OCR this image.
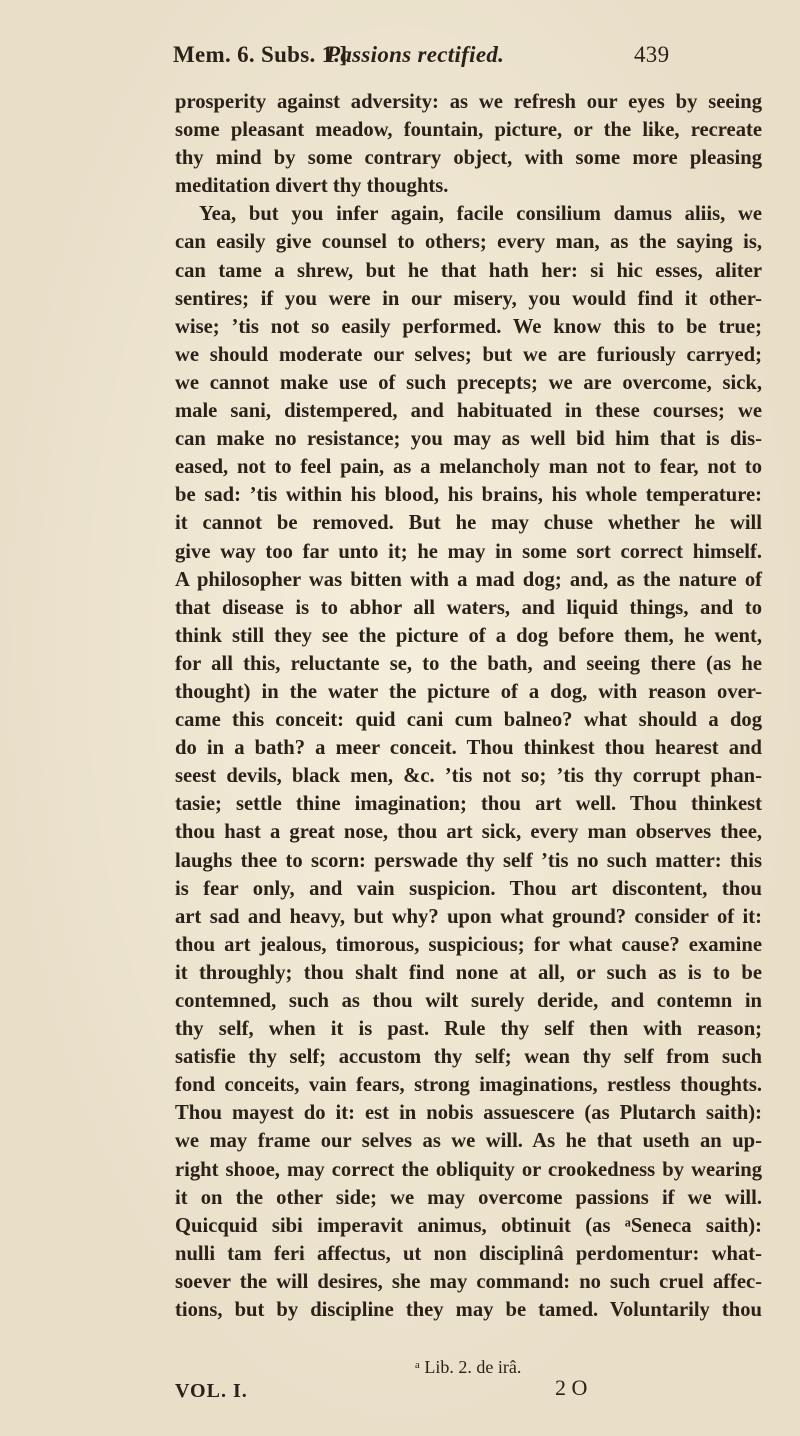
Mem. 6. Subs. 1.]
Passions rectified.	439
prosperity against adversity: as we refresh our eyes by seeing
some pleasant meadow, fountain, picture, or the like, recreate
thy mind by some contrary object, with some more pleasing
meditation divert thy thoughts.
Yea, but you infer again, facile consilium damus aliis, we
can easily give counsel to others; every man, as the saying is,
can tame a shrew, but he that hath her: si hic esses, aliter
sentires; if you were in our misery, you would find it other-
wise; ’tis not so easily performed. We know this to be true;
we should moderate our selves; but we are furiously carryed;
we cannot make use of such precepts; we are overcome, sick,
male sani, distempered, and habituated in these courses; we
can make no resistance; you may as well bid him that is dis-
eased, not to feel pain, as a melancholy man not to fear, not to
be sad: ’tis within his blood, his brains, his whole temperature:
it cannot be removed. But he may chuse whether he will
give way too far unto it; he may in some sort correct himself.
A philosopher was bitten with a mad dog; and, as the nature of
that disease is to abhor all waters, and liquid things, and to
think still they see the picture of a dog before them, he went,
for all this, reluctante se, to the bath, and seeing there (as he
thought) in the water the picture of a dog, with reason over-
came this conceit: quid cani cum balneo? what should a dog
do in a bath? a meer conceit. Thou thinkest thou hearest and
seest devils, black men, &c. ’tis not so; ’tis thy corrupt phan-
tasie; settle thine imagination; thou art well. Thou thinkest
thou hast a great nose, thou art sick, every man observes thee,
laughs thee to scorn: perswade thy self ’tis no such matter: this
is fear only, and vain suspicion. Thou art discontent, thou
art sad and heavy, but why? upon what ground? consider of it:
thou art jealous, timorous, suspicious; for what cause? examine
it throughly; thou shalt find none at all, or such as is to be
contemned, such as thou wilt surely deride, and contemn in
thy self, when it is past. Rule thy self then with reason;
satisfie thy self; accustom thy self; wean thy self from such
fond conceits, vain fears, strong imaginations, restless thoughts.
Thou mayest do it: est in nobis assuescere (as Plutarch saith):
we may frame our selves as we will. As he that useth an up-
right shooe, may correct the obliquity or crookedness by wearing
it on the other side; we may overcome passions if we will.
Quicquid sibi imperavit animus, obtinuit (as ᵃSeneca saith):
nulli tam feri affectus, ut non disciplinâ perdomentur: what-
soever the will desires, she may command: no such cruel affec-
tions, but by discipline they may be tamed. Voluntarily thou
ᵃ Lib. 2. de irâ.
VOL. I.	2 O
